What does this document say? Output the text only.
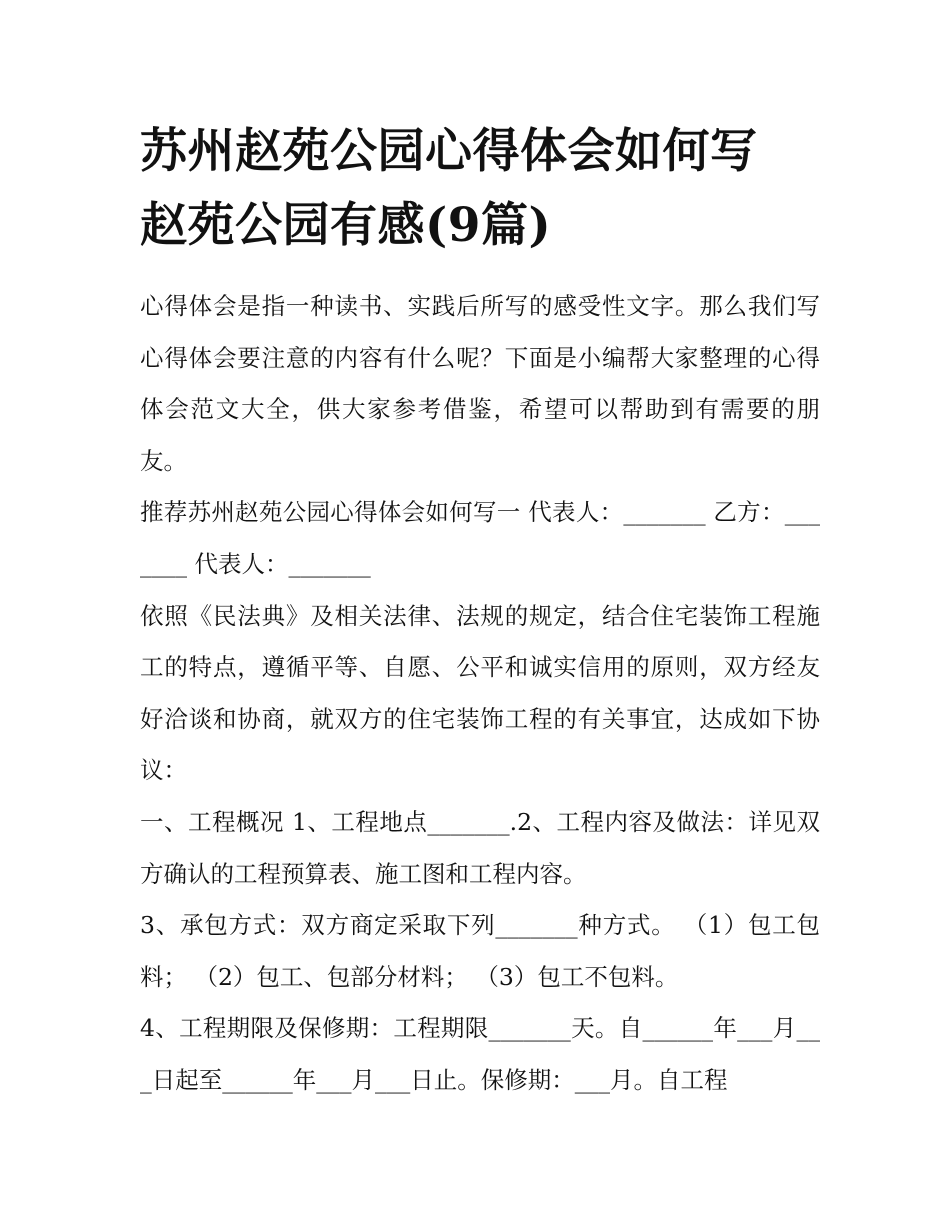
苏州赵苑公园心得体会如何写
赵苑公园有感(9篇)

心得体会是指一种读书、实践后所写的感受性文字。那么我们写心得体会要注意的内容有什么呢？下面是小编帮大家整理的心得体会范文大全，供大家参考借鉴，希望可以帮助到有需要的朋友。

推荐苏州赵苑公园心得体会如何写一 代表人：_______ 乙方：_______ 代表人：_______

依照《民法典》及相关法律、法规的规定，结合住宅装饰工程施工的特点，遵循平等、自愿、公平和诚实信用的原则，双方经友好洽谈和协商，就双方的住宅装饰工程的有关事宜，达成如下协议：

一、工程概况 1、工程地点_______.2、工程内容及做法：详见双方确认的工程预算表、施工图和工程内容。

3、承包方式：双方商定采取下列_______种方式。 （1）包工包料； （2）包工、包部分材料； （3）包工不包料。

4、工程期限及保修期：工程期限_______天。自______年___月___日起至______年___月___日止。保修期：___月。自工程
